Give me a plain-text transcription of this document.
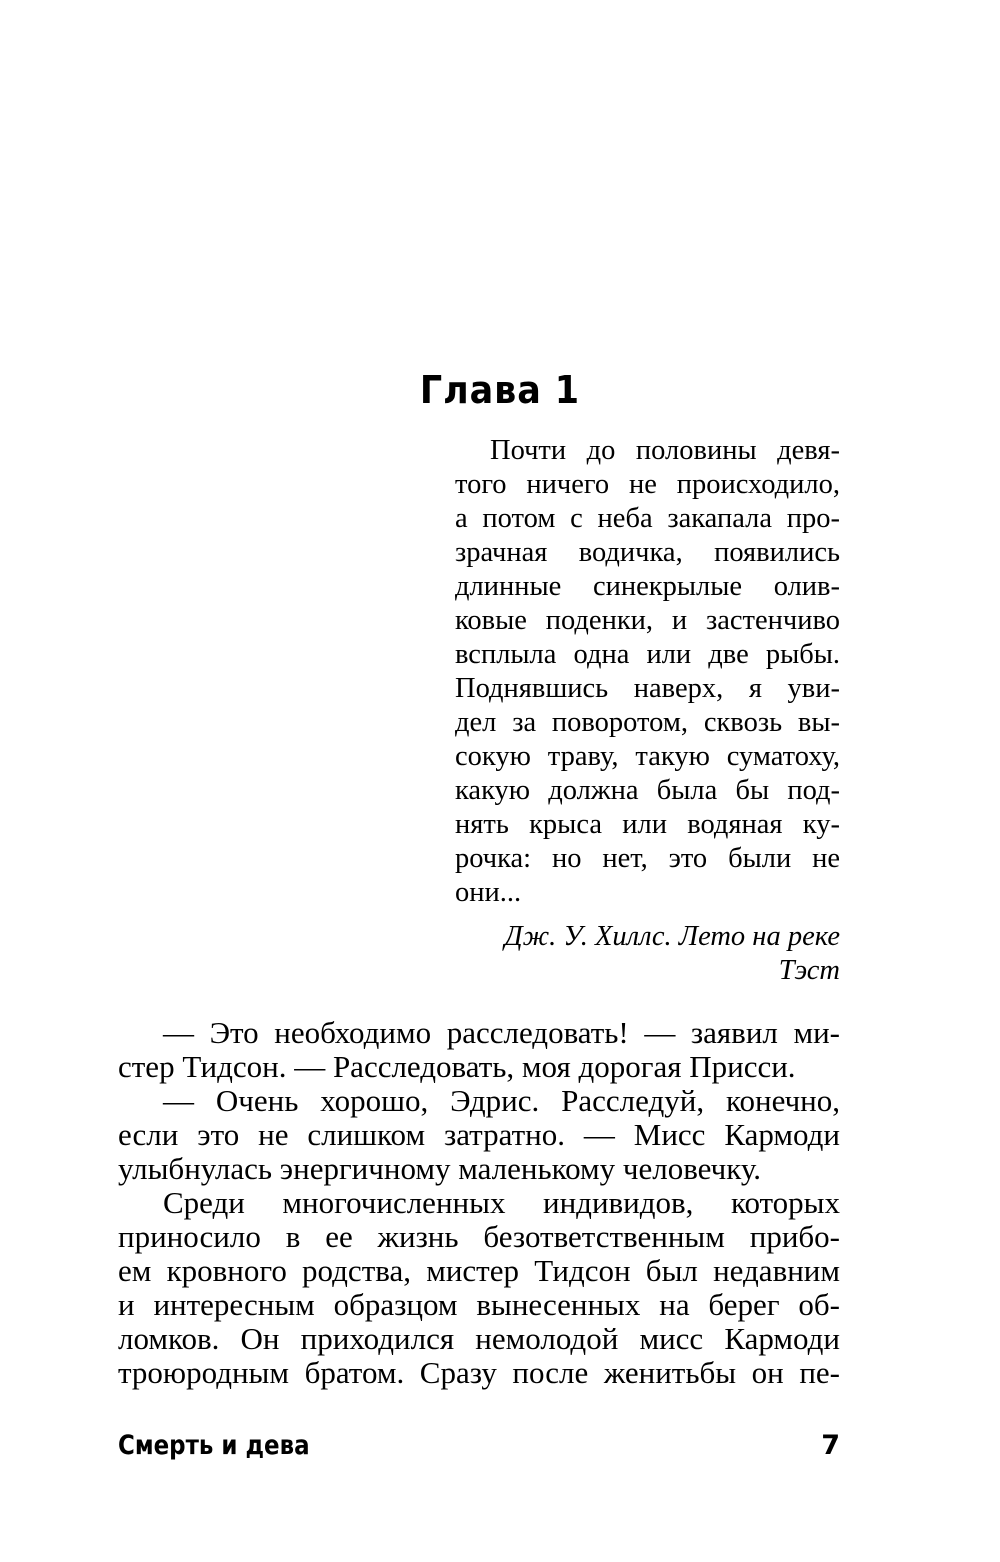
Глава 1
Почти до половины девя-
того ничего не происходило,
а потом с неба закапала про-
зрачная водичка, появились
длинные синекрылые олив-
ковые поденки, и застенчиво
всплыла одна или две рыбы.
Поднявшись наверх, я уви-
дел за поворотом, сквозь вы-
сокую траву, такую суматоху,
какую должна была бы под-
нять крыса или водяная ку-
рочка: но нет, это были не
они...
Дж. У. Хиллс. Лето на реке
Тэст
— Это необходимо расследовать! — заявил ми-
стер Тидсон. — Расследовать, моя дорогая Присси.
— Очень хорошо, Эдрис. Расследуй, конечно,
если это не слишком затратно. — Мисс Кармоди
улыбнулась энергичному маленькому человечку.
Среди многочисленных индивидов, которых
приносило в ее жизнь безответственным прибо-
ем кровного родства, мистер Тидсон был недавним
и интересным образцом вынесенных на берег об-
ломков. Он приходился немолодой мисс Кармоди
троюродным братом. Сразу после женитьбы он пе-
Смерть и дева	7
